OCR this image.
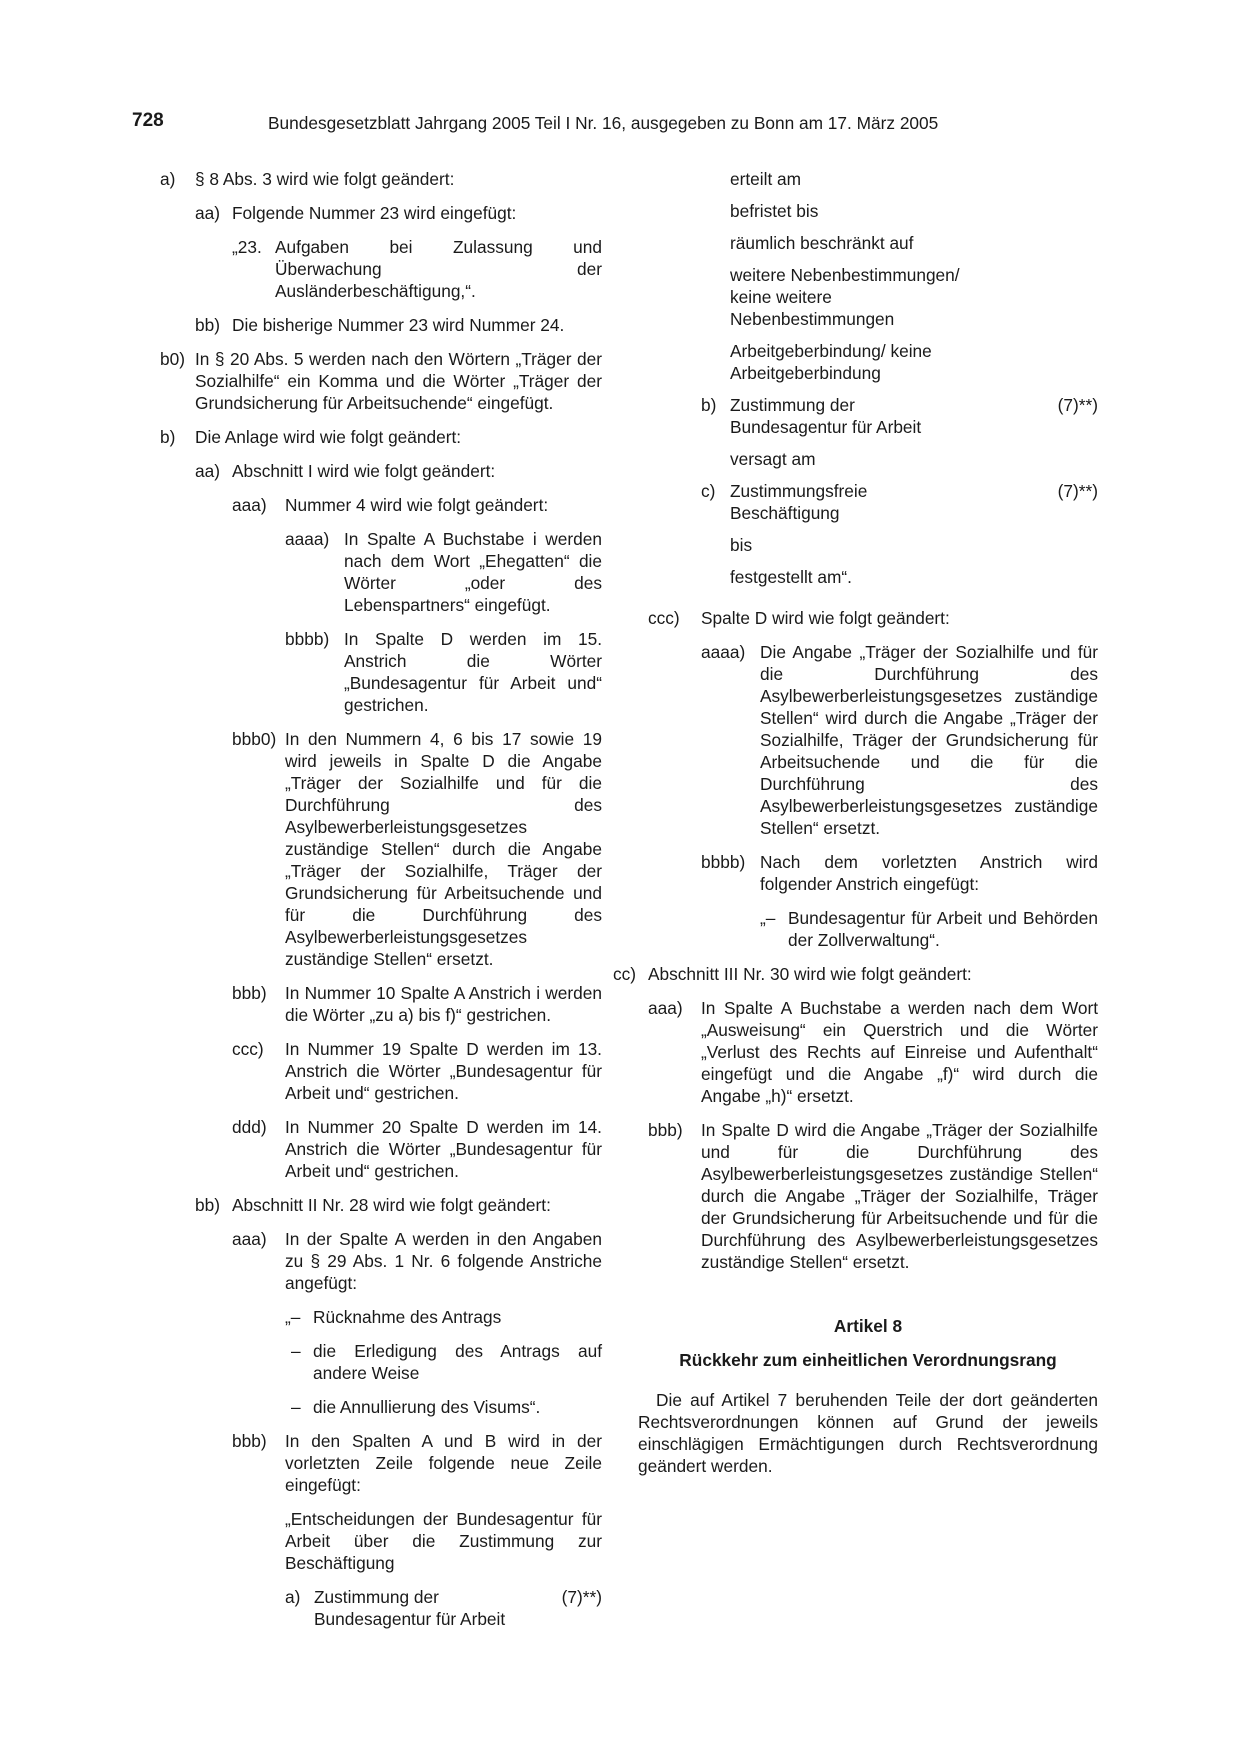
728	Bundesgesetzblatt Jahrgang 2005 Teil I Nr. 16, ausgegeben zu Bonn am 17. März 2005
a) § 8 Abs. 3 wird wie folgt geändert:
aa) Folgende Nummer 23 wird eingefügt:
„23. Aufgaben bei Zulassung und Überwachung der Ausländerbeschäftigung,“.
bb) Die bisherige Nummer 23 wird Nummer 24.
b0) In § 20 Abs. 5 werden nach den Wörtern „Träger der Sozialhilfe“ ein Komma und die Wörter „Träger der Grundsicherung für Arbeitsuchende“ eingefügt.
b) Die Anlage wird wie folgt geändert:
aa) Abschnitt I wird wie folgt geändert:
aaa) Nummer 4 wird wie folgt geändert:
aaaa) In Spalte A Buchstabe i werden nach dem Wort „Ehegatten“ die Wörter „oder des Lebenspartners“ eingefügt.
bbbb) In Spalte D werden im 15. Anstrich die Wörter „Bundesagentur für Arbeit und“ gestrichen.
bbb0) In den Nummern 4, 6 bis 17 sowie 19 wird jeweils in Spalte D die Angabe „Träger der Sozialhilfe und für die Durchführung des Asylbewerberleistungsgesetzes zuständige Stellen“ durch die Angabe „Träger der Sozialhilfe, Träger der Grundsicherung für Arbeitsuchende und für die Durchführung des Asylbewerberleistungsgesetzes zuständige Stellen“ ersetzt.
bbb) In Nummer 10 Spalte A Anstrich i werden die Wörter „zu a) bis f)“ gestrichen.
ccc) In Nummer 19 Spalte D werden im 13. Anstrich die Wörter „Bundesagentur für Arbeit und“ gestrichen.
ddd) In Nummer 20 Spalte D werden im 14. Anstrich die Wörter „Bundesagentur für Arbeit und“ gestrichen.
bb) Abschnitt II Nr. 28 wird wie folgt geändert:
aaa) In der Spalte A werden in den Angaben zu § 29 Abs. 1 Nr. 6 folgende Anstriche angefügt:
„– Rücknahme des Antrags
– die Erledigung des Antrags auf andere Weise
– die Annullierung des Visums“.
bbb) In den Spalten A und B wird in der vorletzten Zeile folgende neue Zeile eingefügt:
„Entscheidungen der Bundesagentur für Arbeit über die Zustimmung zur Beschäftigung
a) Zustimmung der Bundesagentur für Arbeit
(7)**)
erteilt am
befristet bis
räumlich beschränkt auf
weitere Nebenbestimmungen/ keine weitere Nebenbestimmungen
Arbeitgeberbindung/ keine Arbeitgeberbindung
b) Zustimmung der Bundesagentur für Arbeit
(7)**)
versagt am
c) Zustimmungsfreie Beschäftigung
(7)**)
bis
festgestellt am“.
ccc) Spalte D wird wie folgt geändert:
aaaa) Die Angabe „Träger der Sozialhilfe und für die Durchführung des Asylbewerberleistungsgesetzes zuständige Stellen“ wird durch die Angabe „Träger der Sozialhilfe, Träger der Grundsicherung für Arbeitsuchende und die für die Durchführung des Asylbewerberleistungsgesetzes zuständige Stellen“ ersetzt.
bbbb) Nach dem vorletzten Anstrich wird folgender Anstrich eingefügt:
„– Bundesagentur für Arbeit und Behörden der Zollverwaltung“.
cc) Abschnitt III Nr. 30 wird wie folgt geändert:
aaa) In Spalte A Buchstabe a werden nach dem Wort „Ausweisung“ ein Querstrich und die Wörter „Verlust des Rechts auf Einreise und Aufenthalt“ eingefügt und die Angabe „f)“ wird durch die Angabe „h)“ ersetzt.
bbb) In Spalte D wird die Angabe „Träger der Sozialhilfe und für die Durchführung des Asylbewerberleistungsgesetzes zuständige Stellen“ durch die Angabe „Träger der Sozialhilfe, Träger der Grundsicherung für Arbeitsuchende und für die Durchführung des Asylbewerberleistungsgesetzes zuständige Stellen“ ersetzt.
Artikel 8
Rückkehr zum einheitlichen Verordnungsrang
Die auf Artikel 7 beruhenden Teile der dort geänderten Rechtsverordnungen können auf Grund der jeweils einschlägigen Ermächtigungen durch Rechtsverordnung geändert werden.
